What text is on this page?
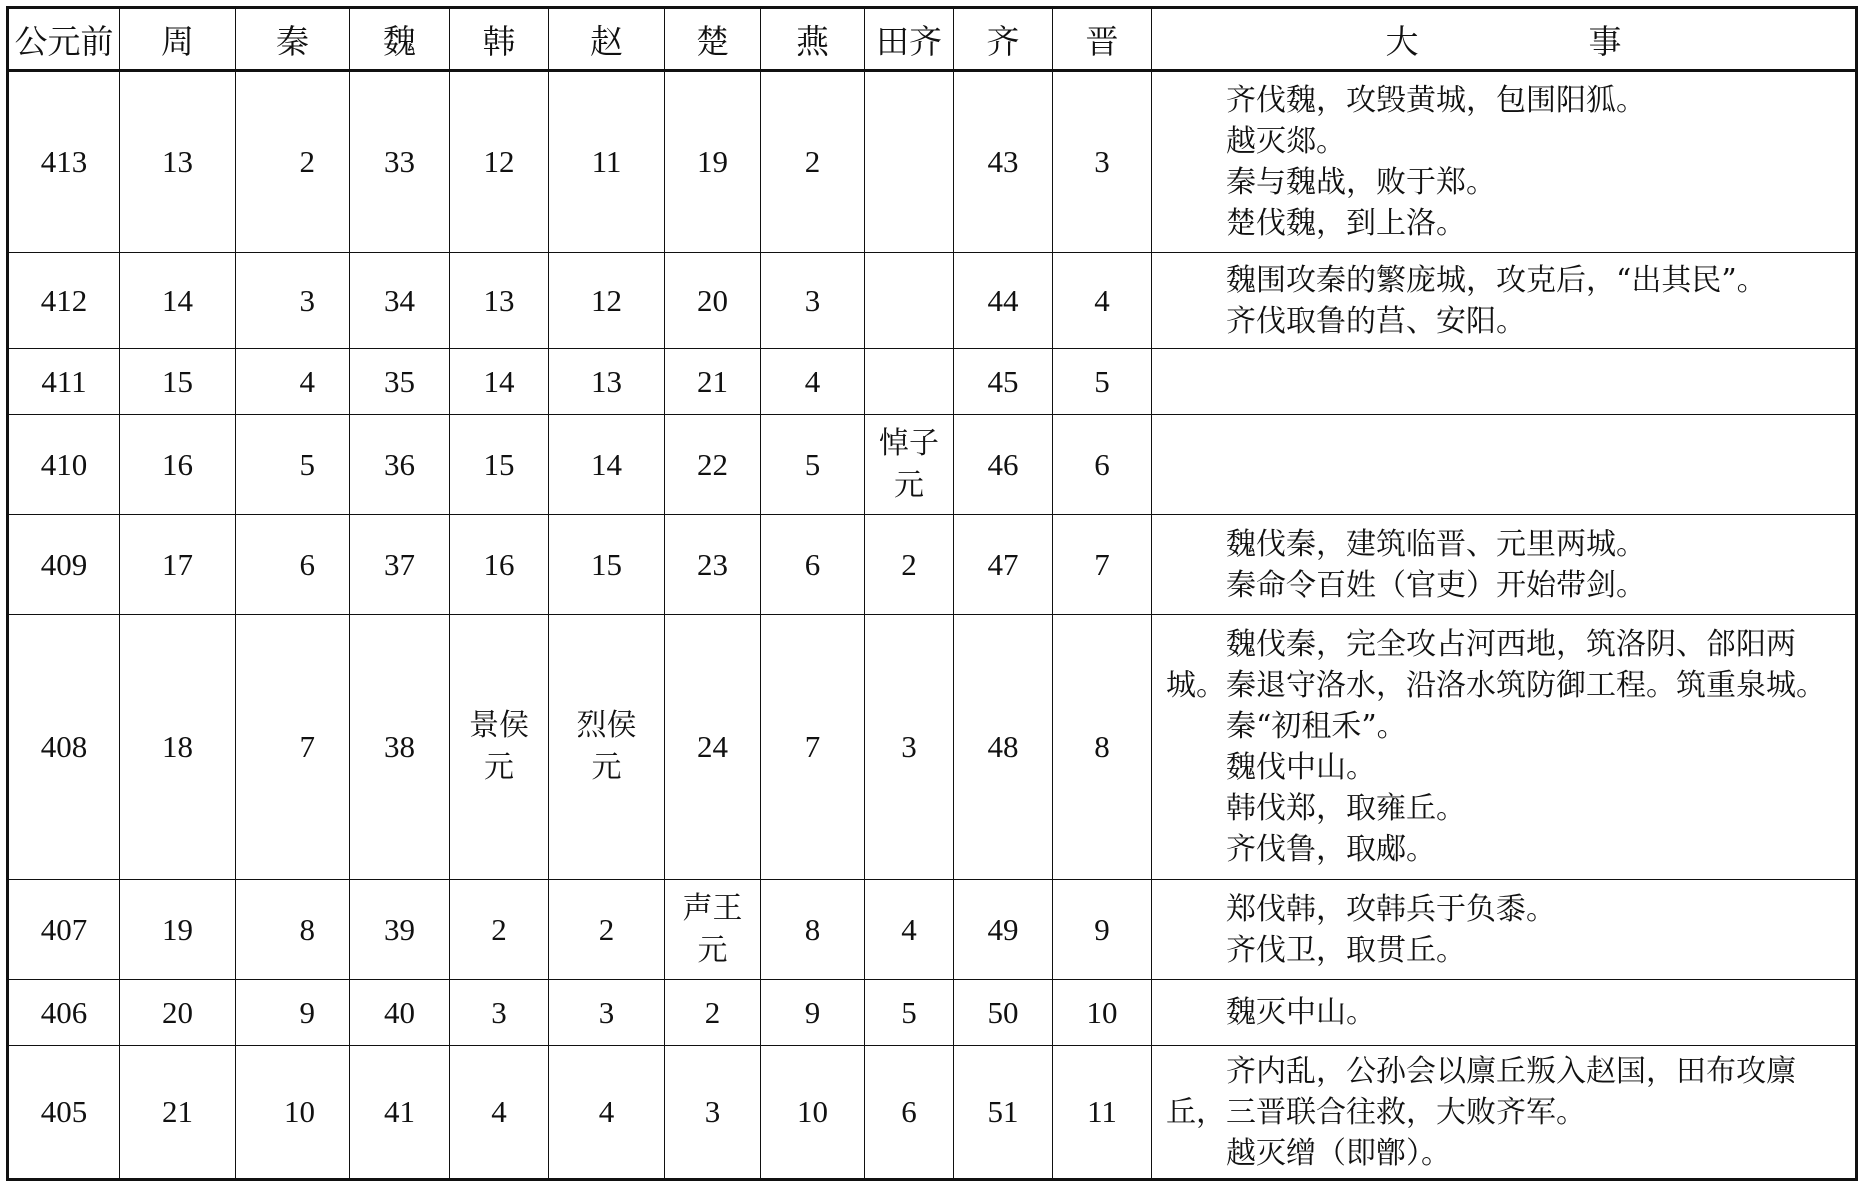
公元前	周	秦	魏	韩	赵	楚	燕	田齐	齐	晋	大 事
413	13	2	33	12	11	19	2		43	3	齐伐魏，攻毁黄城，包围阳狐。
越灭郯。
秦与魏战，败于郑。
楚伐魏，到上洛。

412	14	3	34	13	12	20	3		44	4	魏围攻秦的繁庞城，攻克后，“出其民”。
齐伐取鲁的莒、安阳。

411	15	4	35	14	13	21	4		45	5	
410	16	5	36	15	14	22	5	悼子元	46	6	
409	17	6	37	16	15	23	6	2	47	7	魏伐秦，建筑临晋、元里两城。
秦命令百姓（官吏）开始带剑。

408	18	7	38	景侯元	烈侯元	24	7	3	48	8	魏伐秦，完全攻占河西地，筑洛阴、郃阳两城。秦退守洛水，沿洛水筑防御工程。筑重泉城。
秦“初租禾”。
魏伐中山。
韩伐郑，取雍丘。
齐伐鲁，取郕。

407	19	8	39	2	2	声王元	8	4	49	9	郑伐韩，攻韩兵于负黍。
齐伐卫，取贯丘。

406	20	9	40	3	3	2	9	5	50	10	魏灭中山。

405	21	10	41	4	4	3	10	6	51	11	齐内乱，公孙会以廪丘叛入赵国，田布攻廪丘，三晋联合往救，大败齐军。
越灭缯（即鄫）。
